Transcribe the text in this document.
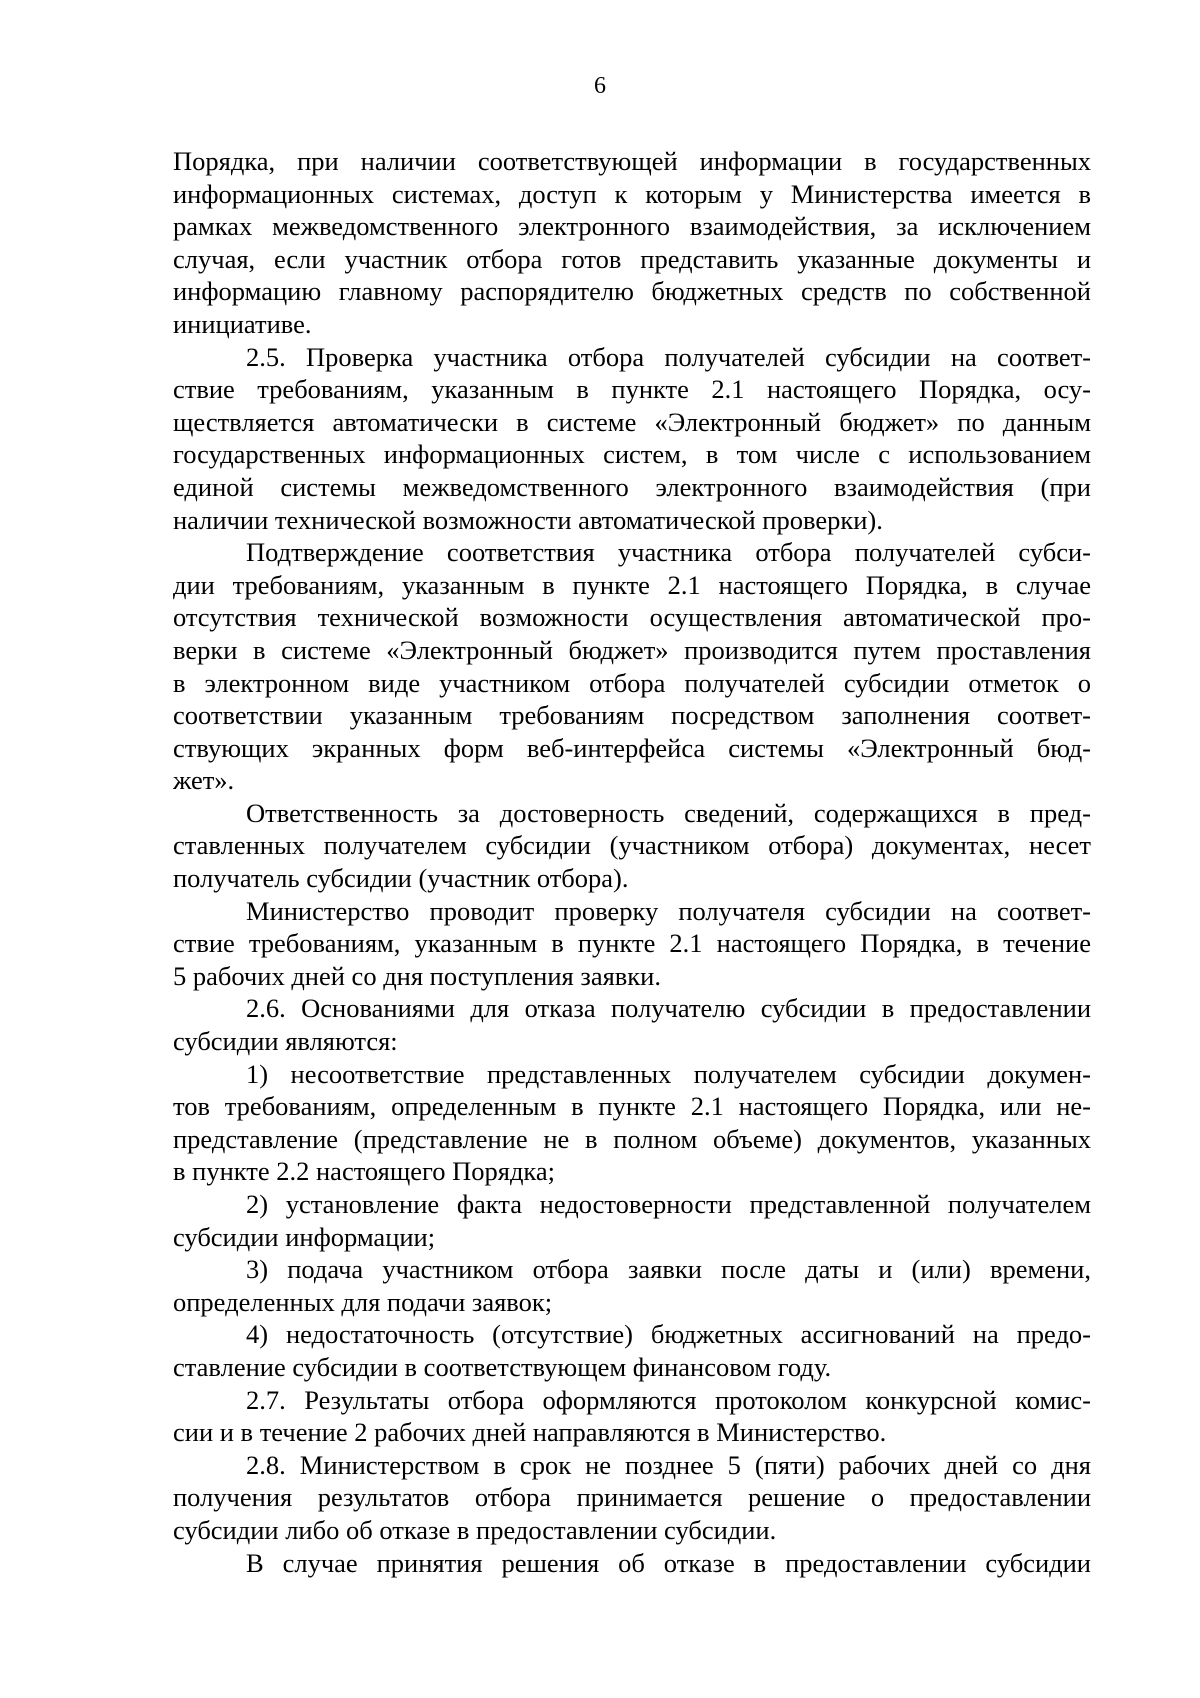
6
Порядка, при наличии соответствующей информации в государственных
информационных системах, доступ к которым у Министерства имеется в
рамках межведомственного электронного взаимодействия, за исключением
случая, если участник отбора готов представить указанные документы и
информацию главному распорядителю бюджетных средств по собственной
инициативе.
2.5. Проверка участника отбора получателей субсидии на соответ-
ствие требованиям, указанным в пункте 2.1 настоящего Порядка, осу-
ществляется автоматически в системе «Электронный бюджет» по данным
государственных информационных систем, в том числе с использованием
единой системы межведомственного электронного взаимодействия (при
наличии технической возможности автоматической проверки).
Подтверждение соответствия участника отбора получателей субси-
дии требованиям, указанным в пункте 2.1 настоящего Порядка, в случае
отсутствия технической возможности осуществления автоматической про-
верки в системе «Электронный бюджет» производится путем проставления
в электронном виде участником отбора получателей субсидии отметок о
соответствии указанным требованиям посредством заполнения соответ-
ствующих экранных форм веб-интерфейса системы «Электронный бюд-
жет».
Ответственность за достоверность сведений, содержащихся в пред-
ставленных получателем субсидии (участником отбора) документах, несет
получатель субсидии (участник отбора).
Министерство проводит проверку получателя субсидии на соответ-
ствие требованиям, указанным в пункте 2.1 настоящего Порядка, в течение
5 рабочих дней со дня поступления заявки.
2.6. Основаниями для отказа получателю субсидии в предоставлении
субсидии являются:
1) несоответствие представленных получателем субсидии докумен-
тов требованиям, определенным в пункте 2.1 настоящего Порядка, или не-
представление (представление не в полном объеме) документов, указанных
в пункте 2.2 настоящего Порядка;
2) установление факта недостоверности представленной получателем
субсидии информации;
3) подача участником отбора заявки после даты и (или) времени,
определенных для подачи заявок;
4) недостаточность (отсутствие) бюджетных ассигнований на предо-
ставление субсидии в соответствующем финансовом году.
2.7. Результаты отбора оформляются протоколом конкурсной комис-
сии и в течение 2 рабочих дней направляются в Министерство.
2.8. Министерством в срок не позднее 5 (пяти) рабочих дней со дня
получения результатов отбора принимается решение о предоставлении
субсидии либо об отказе в предоставлении субсидии.
В случае принятия решения об отказе в предоставлении субсидии
